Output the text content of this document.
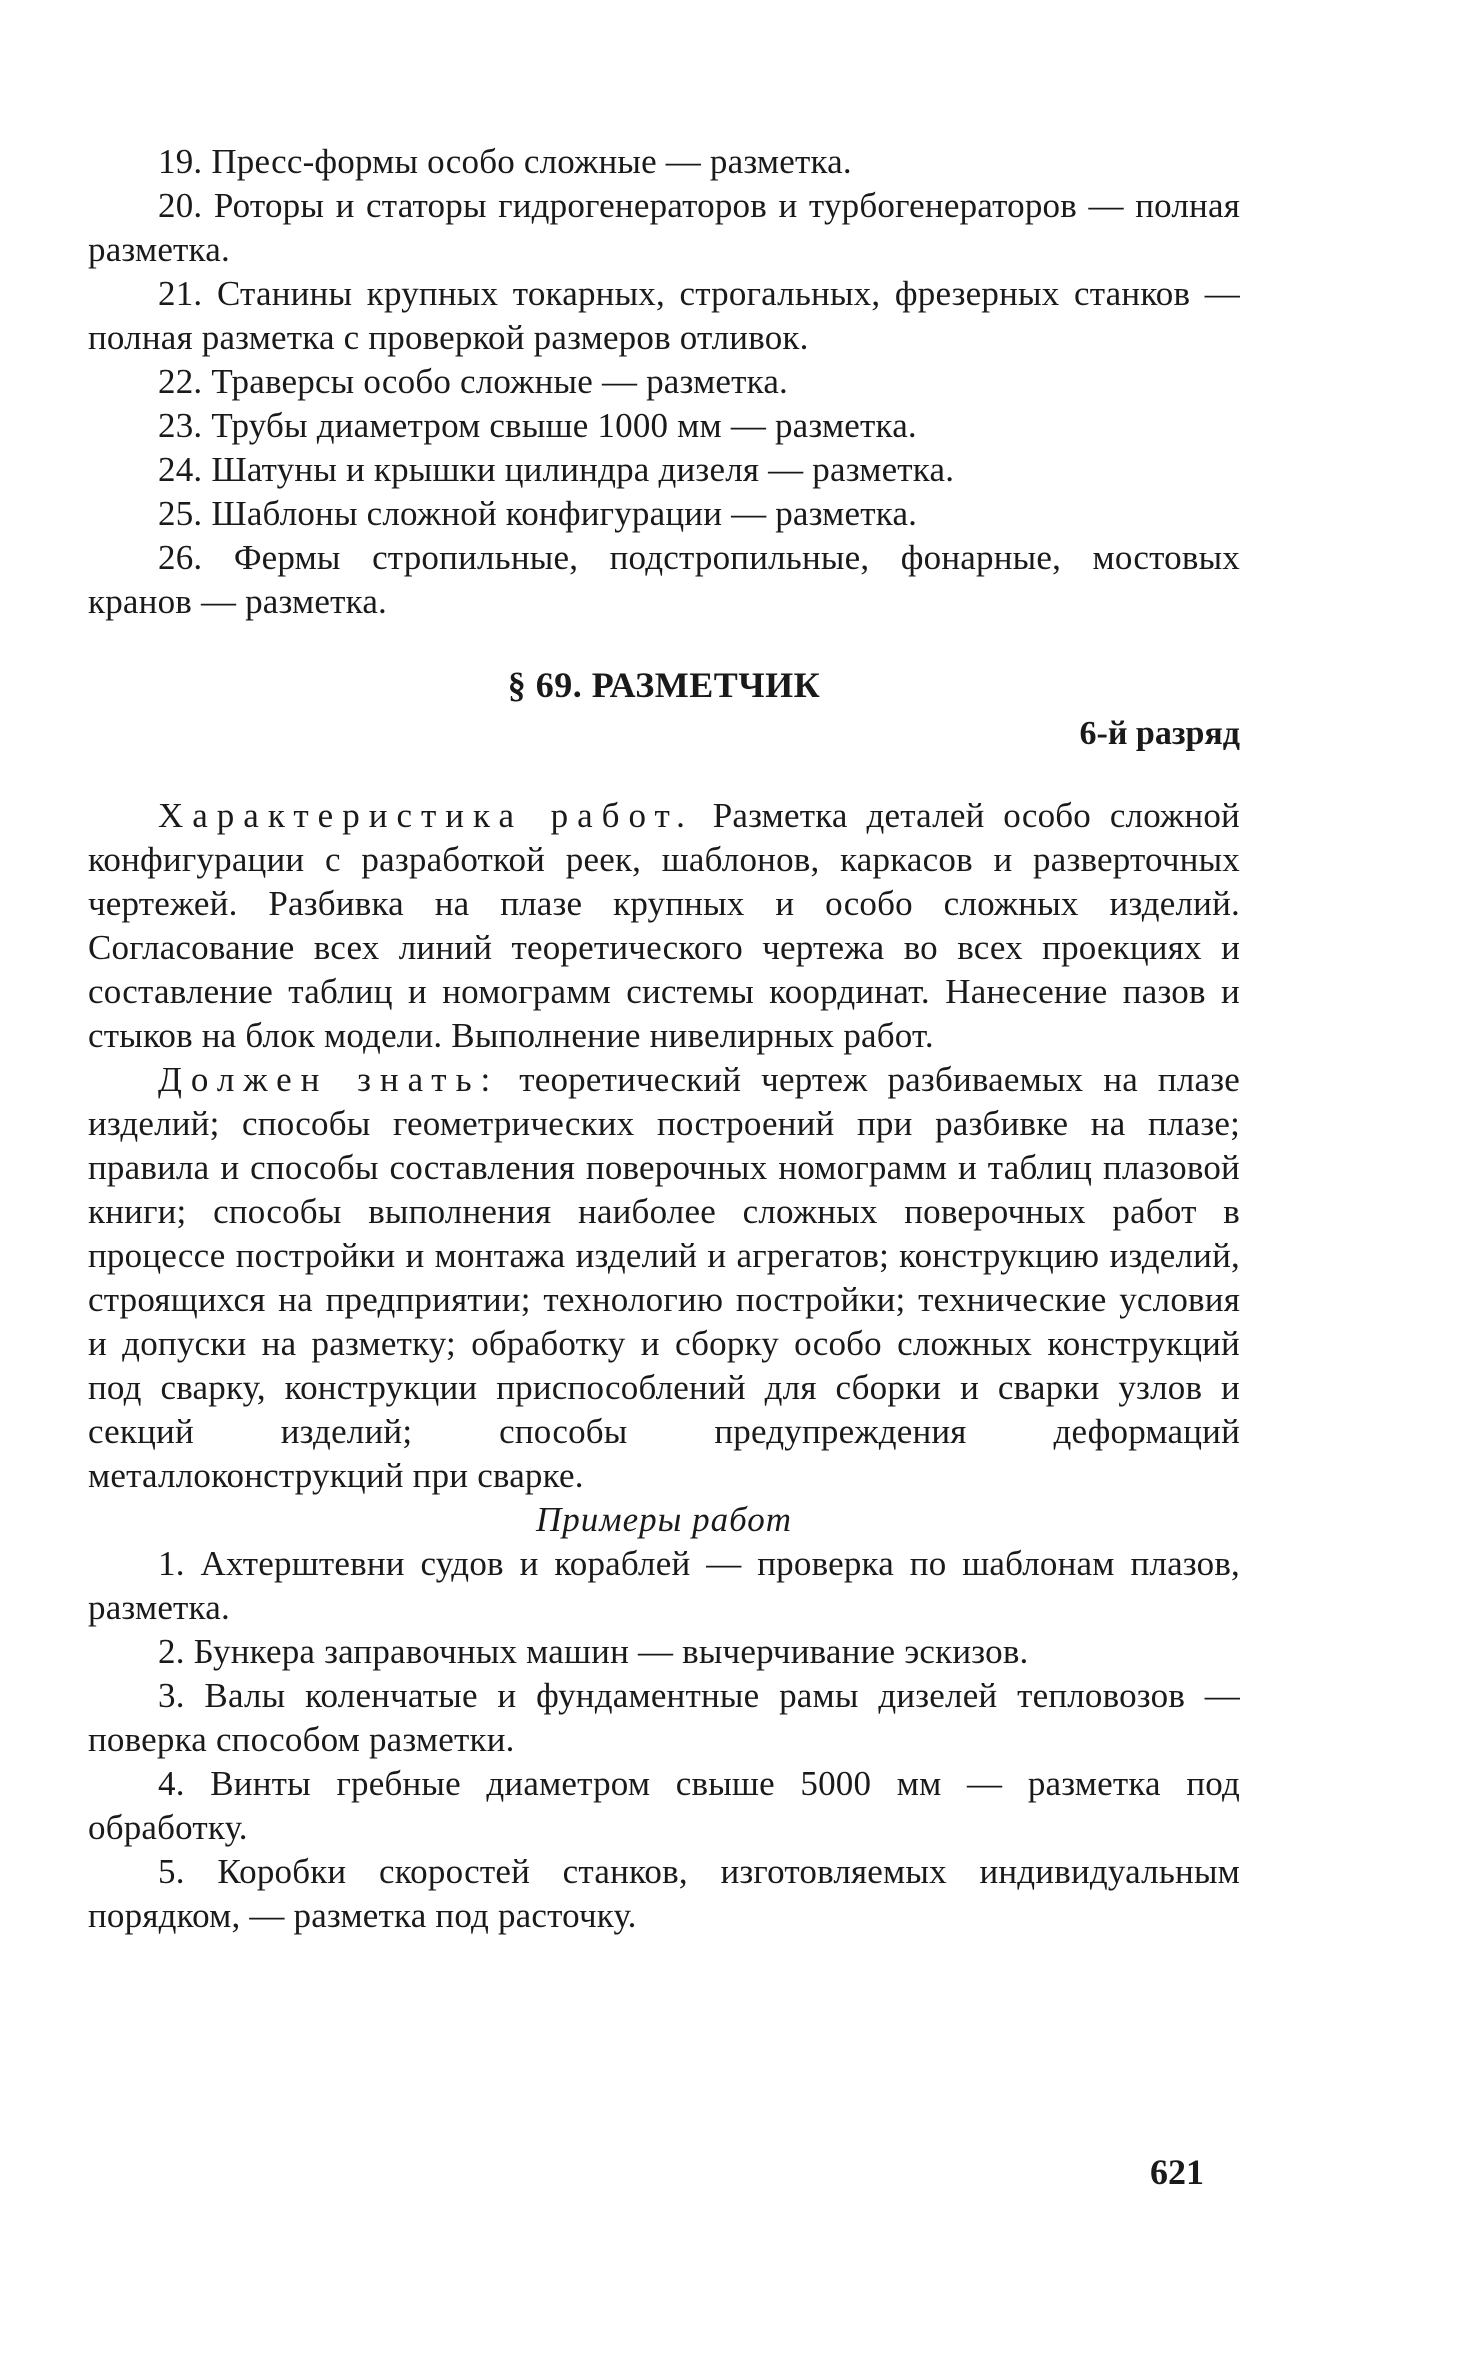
19. Пресс-формы особо сложные — разметка.

20. Роторы и статоры гидрогенераторов и турбогенераторов — полная разметка.

21. Станины крупных токарных, строгальных, фрезерных станков — полная разметка с проверкой размеров отливок.

22. Траверсы особо сложные — разметка.

23. Трубы диаметром свыше 1000 мм — разметка.

24. Шатуны и крышки цилиндра дизеля — разметка.

25. Шаблоны сложной конфигурации — разметка.

26. Фермы стропильные, подстропильные, фонарные, мостовых кранов — разметка.

§ 69. РАЗМЕТЧИК
6-й разряд

Характеристика работ. Разметка деталей особо сложной конфигурации с разработкой реек, шаблонов, каркасов и разверточных чертежей. Разбивка на плазе крупных и особо сложных изделий. Согласование всех линий теоретического чертежа во всех проекциях и составление таблиц и номограмм системы координат. Нанесение пазов и стыков на блок модели. Выполнение нивелирных работ.

Должен знать: теоретический чертеж разбиваемых на плазе изделий; способы геометрических построений при разбивке на плазе; правила и способы составления поверочных номограмм и таблиц плазовой книги; способы выполнения наиболее сложных поверочных работ в процессе постройки и монтажа изделий и агрегатов; конструкцию изделий, строящихся на предприятии; технологию постройки; технические условия и допуски на разметку; обработку и сборку особо сложных конструкций под сварку, конструкции приспособлений для сборки и сварки узлов и секций изделий; способы предупреждения деформаций металлоконструкций при сварке.

Примеры работ

1. Ахтерштевни судов и кораблей — проверка по шаблонам плазов, разметка.

2. Бункера заправочных машин — вычерчивание эскизов.

3. Валы коленчатые и фундаментные рамы дизелей тепловозов — поверка способом разметки.

4. Винты гребные диаметром свыше 5000 мм — разметка под обработку.

5. Коробки скоростей станков, изготовляемых индивидуальным порядком, — разметка под расточку.

621
